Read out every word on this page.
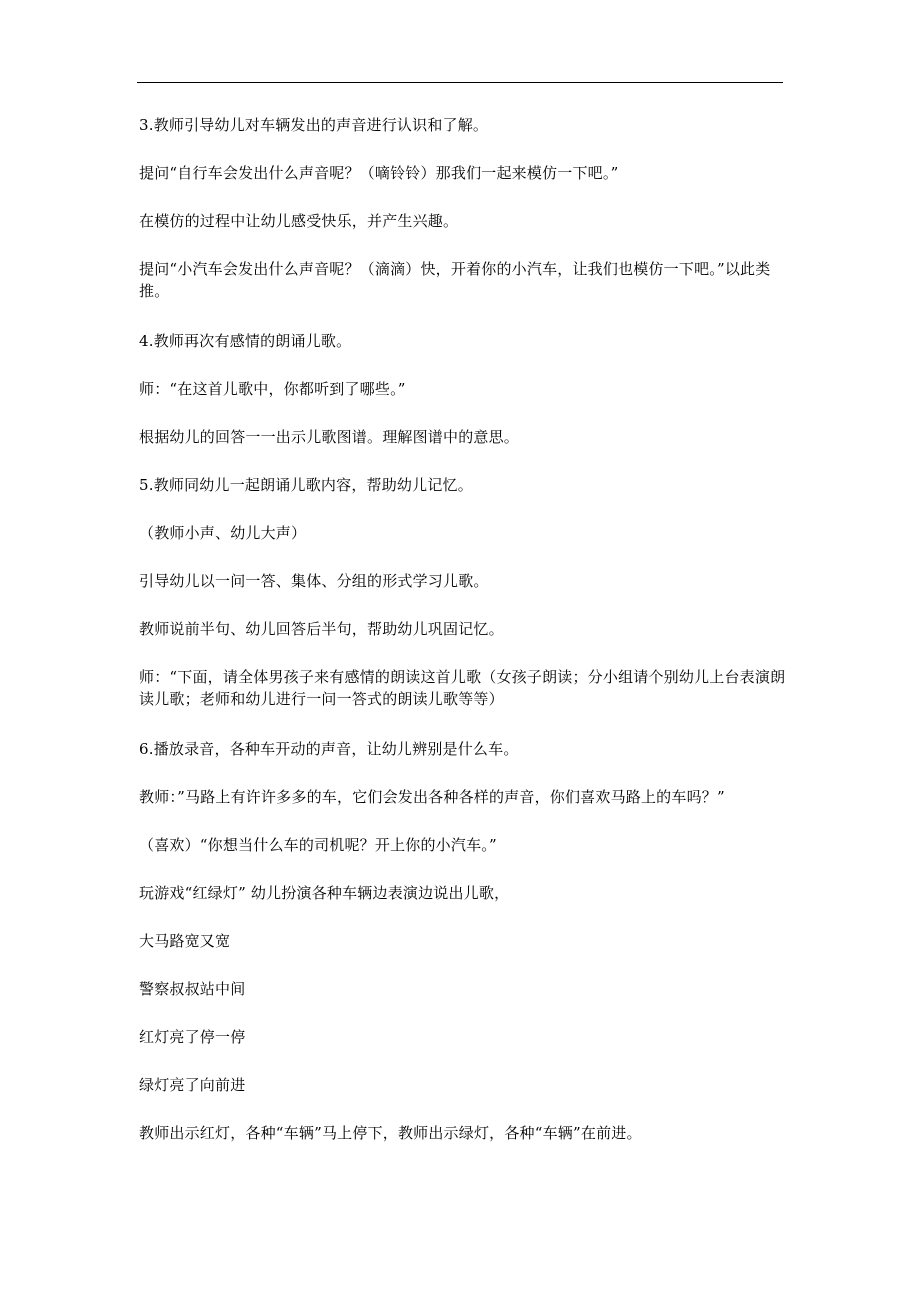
3.教师引导幼儿对车辆发出的声音进行认识和了解。

提问“自行车会发出什么声音呢？（嘀铃铃）那我们一起来模仿一下吧。”

在模仿的过程中让幼儿感受快乐，并产生兴趣。

提问“小汽车会发出什么声音呢？（滴滴）快，开着你的小汽车，让我们也模仿一下吧。”以此类推。

4.教师再次有感情的朗诵儿歌。

师：“在这首儿歌中，你都听到了哪些。”

根据幼儿的回答一一出示儿歌图谱。理解图谱中的意思。

5.教师同幼儿一起朗诵儿歌内容，帮助幼儿记忆。

（教师小声、幼儿大声）

引导幼儿以一问一答、集体、分组的形式学习儿歌。

教师说前半句、幼儿回答后半句，帮助幼儿巩固记忆。

师：“下面，请全体男孩子来有感情的朗读这首儿歌（女孩子朗读；分小组请个别幼儿上台表演朗读儿歌；老师和幼儿进行一问一答式的朗读儿歌等等）

6.播放录音，各种车开动的声音，让幼儿辨别是什么车。

教师：”马路上有许许多多的车，它们会发出各种各样的声音，你们喜欢马路上的车吗？”

（喜欢）“你想当什么车的司机呢？开上你的小汽车。”

玩游戏“红绿灯” 幼儿扮演各种车辆边表演边说出儿歌，

大马路宽又宽

警察叔叔站中间

红灯亮了停一停

绿灯亮了向前进

教师出示红灯，各种“车辆”马上停下，教师出示绿灯，各种“车辆”在前进。
